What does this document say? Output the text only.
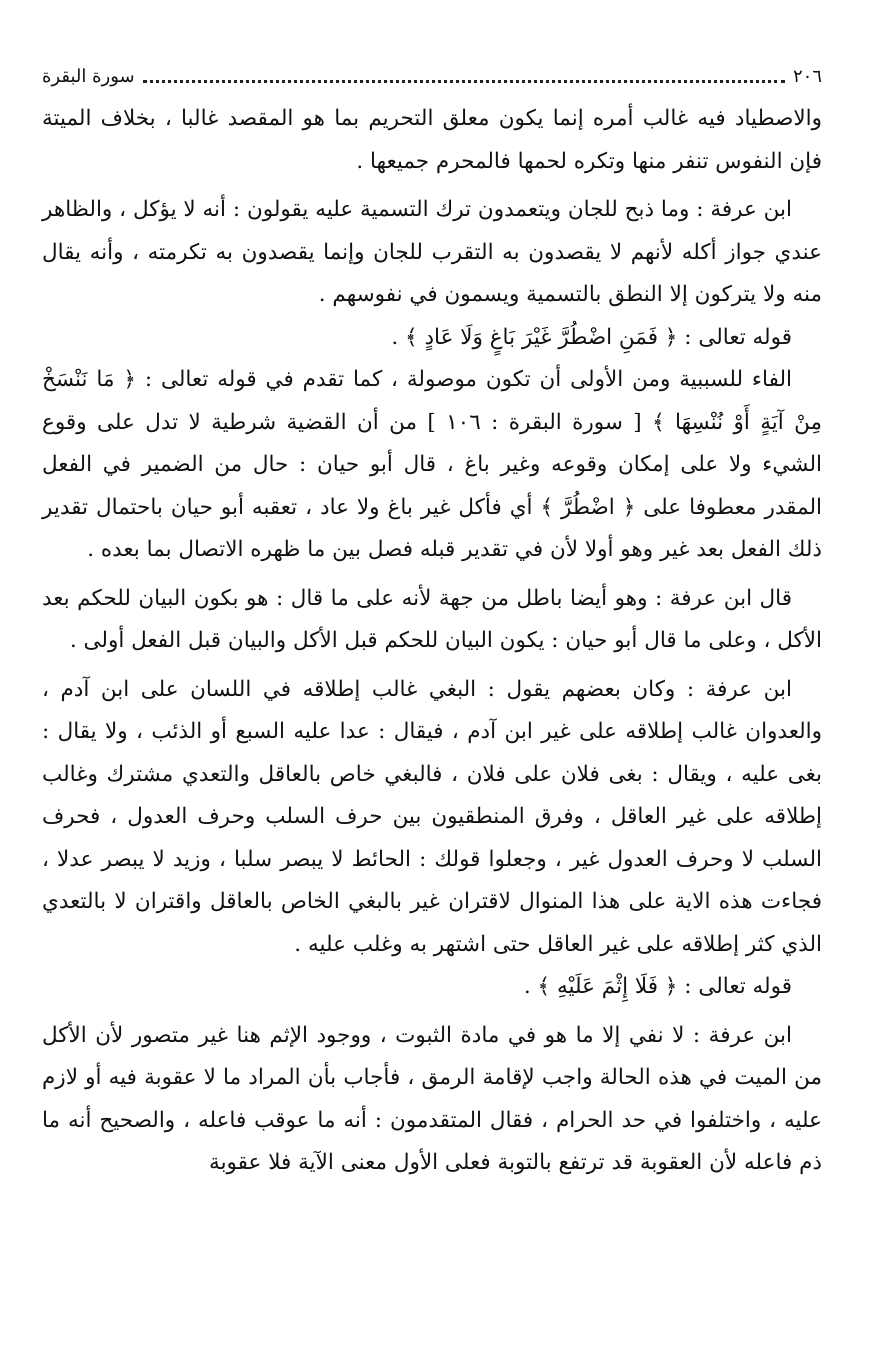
سورة البقرة	٢٠٦

والاصطياد فيه غالب أمره إنما يكون معلق التحريم بما هو المقصد غالبا ، بخلاف الميتة فإن النفوس تنفر منها وتكره لحمها فالمحرم جميعها .

ابن عرفة : وما ذبح للجان ويتعمدون ترك التسمية عليه يقولون : أنه لا يؤكل ، والظاهر عندي جواز أكله لأنهم لا يقصدون به التقرب للجان وإنما يقصدون به تكرمته ، وأنه يقال منه ولا يتركون إلا النطق بالتسمية ويسمون في نفوسهم .

قوله تعالى : ﴿ فَمَنِ اضْطُرَّ غَيْرَ بَاغٍ وَلَا عَادٍ ﴾ .

الفاء للسببية ومن الأولى أن تكون موصولة ، كما تقدم في قوله تعالى : ﴿ مَا نَنْسَخْ مِنْ آيَةٍ أَوْ نُنْسِهَا ﴾ [ سورة البقرة : ١٠٦ ] من أن القضية شرطية لا تدل على وقوع الشيء ولا على إمكان وقوعه وغير باغ ، قال أبو حيان : حال من الضمير في الفعل المقدر معطوفا على ﴿ اضْطُرَّ ﴾ أي فأكل غير باغ ولا عاد ، تعقبه أبو حيان باحتمال تقدير ذلك الفعل بعد غير وهو أولا لأن في تقدير قبله فصل بين ما ظهره الاتصال بما بعده .

قال ابن عرفة : وهو أيضا باطل من جهة لأنه على ما قال : هو بكون البيان للحكم بعد الأكل ، وعلى ما قال أبو حيان : يكون البيان للحكم قبل الأكل والبيان قبل الفعل أولى .

ابن عرفة : وكان بعضهم يقول : البغي غالب إطلاقه في اللسان على ابن آدم ، والعدوان غالب إطلاقه على غير ابن آدم ، فيقال : عدا عليه السبع أو الذئب ، ولا يقال : بغى عليه ، ويقال : بغى فلان على فلان ، فالبغي خاص بالعاقل والتعدي مشترك وغالب إطلاقه على غير العاقل ، وفرق المنطقيون بين حرف السلب وحرف العدول ، فحرف السلب لا وحرف العدول غير ، وجعلوا قولك : الحائط لا يبصر سلبا ، وزيد لا يبصر عدلا ، فجاءت هذه الاية على هذا المنوال لاقتران غير بالبغي الخاص بالعاقل واقتران لا بالتعدي الذي كثر إطلاقه على غير العاقل حتى اشتهر به وغلب عليه .

قوله تعالى : ﴿ فَلَا إِثْمَ عَلَيْهِ ﴾ .

ابن عرفة : لا نفي إلا ما هو في مادة الثبوت ، ووجود الإثم هنا غير متصور لأن الأكل من الميت في هذه الحالة واجب لإقامة الرمق ، فأجاب بأن المراد ما لا عقوبة فيه أو لازم عليه ، واختلفوا في حد الحرام ، فقال المتقدمون : أنه ما عوقب فاعله ، والصحيح أنه ما ذم فاعله لأن العقوبة قد ترتفع بالتوبة فعلى الأول معنى الآية فلا عقوبة
